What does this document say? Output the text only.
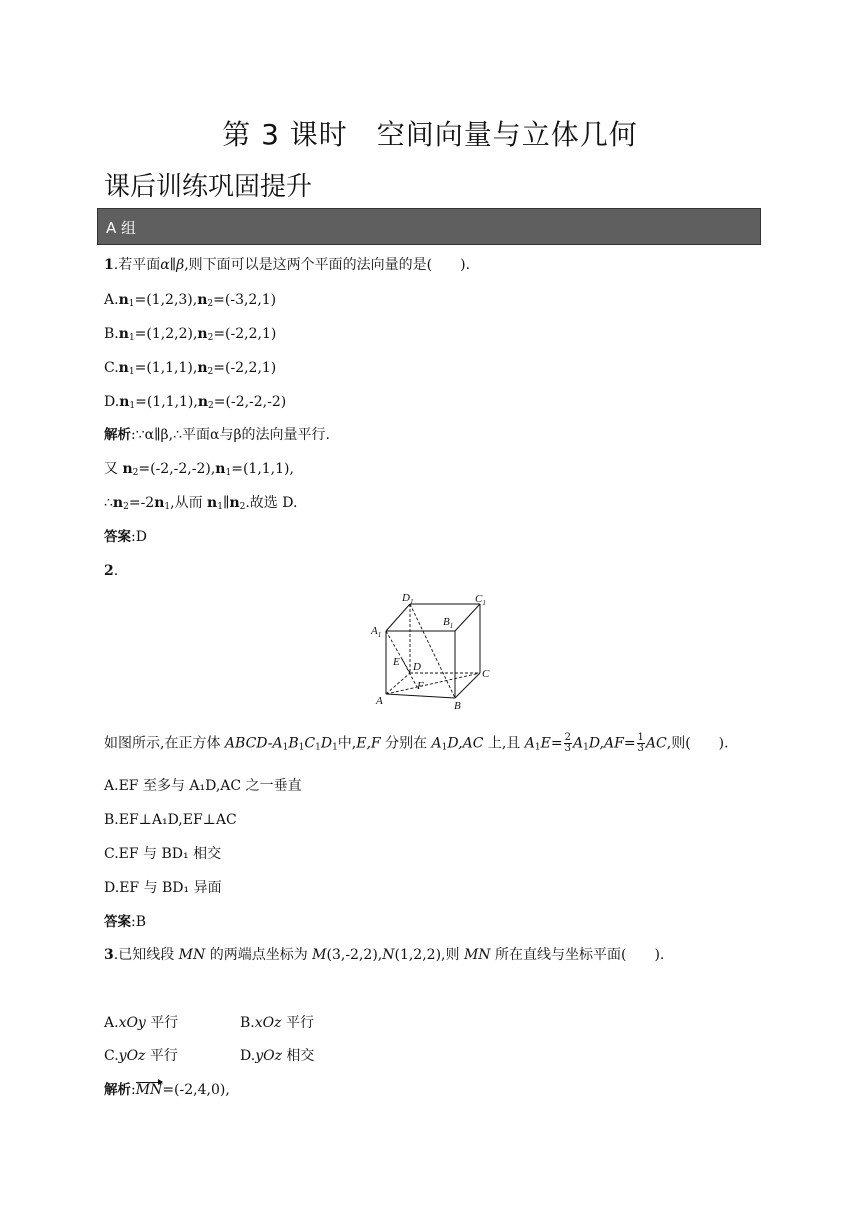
第 3 课时　空间向量与立体几何
课后训练巩固提升
A 组
1.若平面α∥β,则下面可以是这两个平面的法向量的是(　　).
$A.n_1=(1,2,3),n_2=(-3,2,1)$
$B.n_1=(1,2,2),n_2=(-2,2,1)$
$C.n_1=(1,1,1),n_2=(-2,2,1)$
$D.n_1=(1,1,1),n_2=(-2,-2,-2)$
解析:∵α∥β,∴平面α与β的法向量平行.
又 $n_2=(-2,-2,-2),n_1=(1,1,1)$,
$\therefore n_2=-2n_1$,从而 $n_1\parallel n_2$.故选 D.
答案:D
2.
$D_1$	$C_1$
$A_1$
$B_1$
E D
F
C
A	B
如图所示,在正方体 ABCD-$A_1B_1C_1D_1$中,E,F 分别在 $A_1D,AC$ 上,且 $A_1E= \frac{2}{3} A_1D,AF= \frac{1}{3}$ AC,则(　　).
A.EF 至多与 A₁D,AC 之一垂直
B.EF⊥A₁D,EF⊥AC
C.EF 与 BD₁ 相交
D.EF 与 BD₁ 异面
答案:B
3.已知线段 MN 的两端点坐标为 M(3,-2,2),N(1,2,2),则 MN 所在直线与坐标平面(　　).
A.xOy 平行	B.xOz 平行
C.yOz 平行	D.yOz 相交
解析:MN=(-2,4,0),
